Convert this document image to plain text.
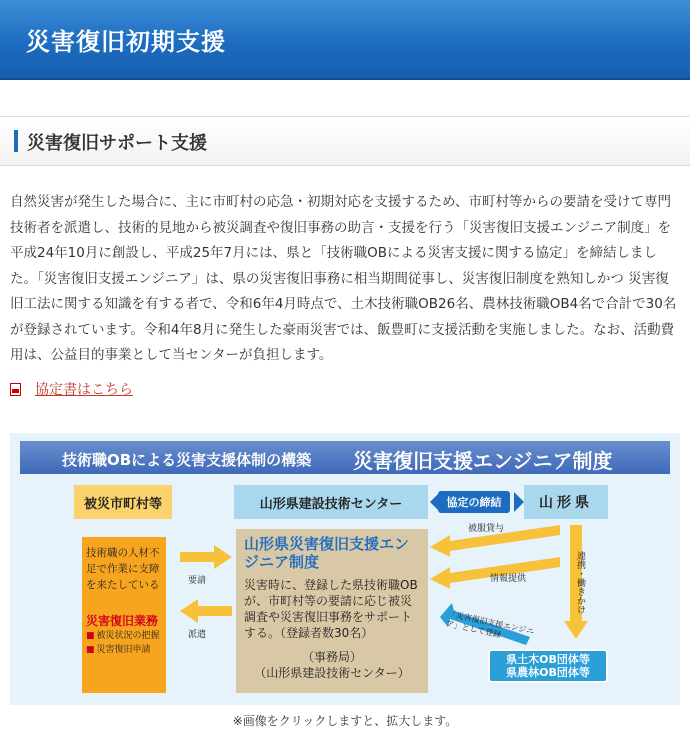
災害復旧初期支援
災害復旧サポート支援

自然災害が発生した場合に、主に市町村の応急・初期対応を支援するため、市町村等からの要請を受けて専門技術者を派遣し、技術的見地から被災調査や復旧事務の助言・支援を行う「災害復旧支援エンジニア制度」を平成24年10月に創設し、平成25年7月には、県と「技術職OBによる災害支援に関する協定」を締結しました。「災害復旧支援エンジニア」は、県の災害復旧事務に相当期間従事し、災害復旧制度を熟知しかつ 災害復旧工法に関する知識を有する者で、令和6年4月時点で、土木技術職OB26名、農林技術職OB4名で合計で30名が登録されています。令和4年8月に発生した豪雨災害では、飯豊町に支援活動を実施しました。なお、活動費用は、公益目的事業として当センターが負担します。

協定書はこちら
技術職OBによる災害支援体制の構築 災害復旧支援エンジニア制度
被災市町村等	山形県建設技術センター	山形県
協定の締結
技術職の人材不足で作業に支障を来たしている
災害復旧業務
■ 被災状況の把握
■ 災害復旧申請
要請
派遣
山形県災害復旧支援エンジニア制度
災害時に、登録した県技術職OBが、市町村等の要請に応じ被災調査や災害復旧事務をサポートする。（登録者数30名）
（事務局）
（山形県建設技術センター）
被服貸与
情報提供	連携・働きかけ
「災害復旧支援エンジニア」として登録
県土木OB団体等
県農林OB団体等
※画像をクリックしますと、拡大します。
